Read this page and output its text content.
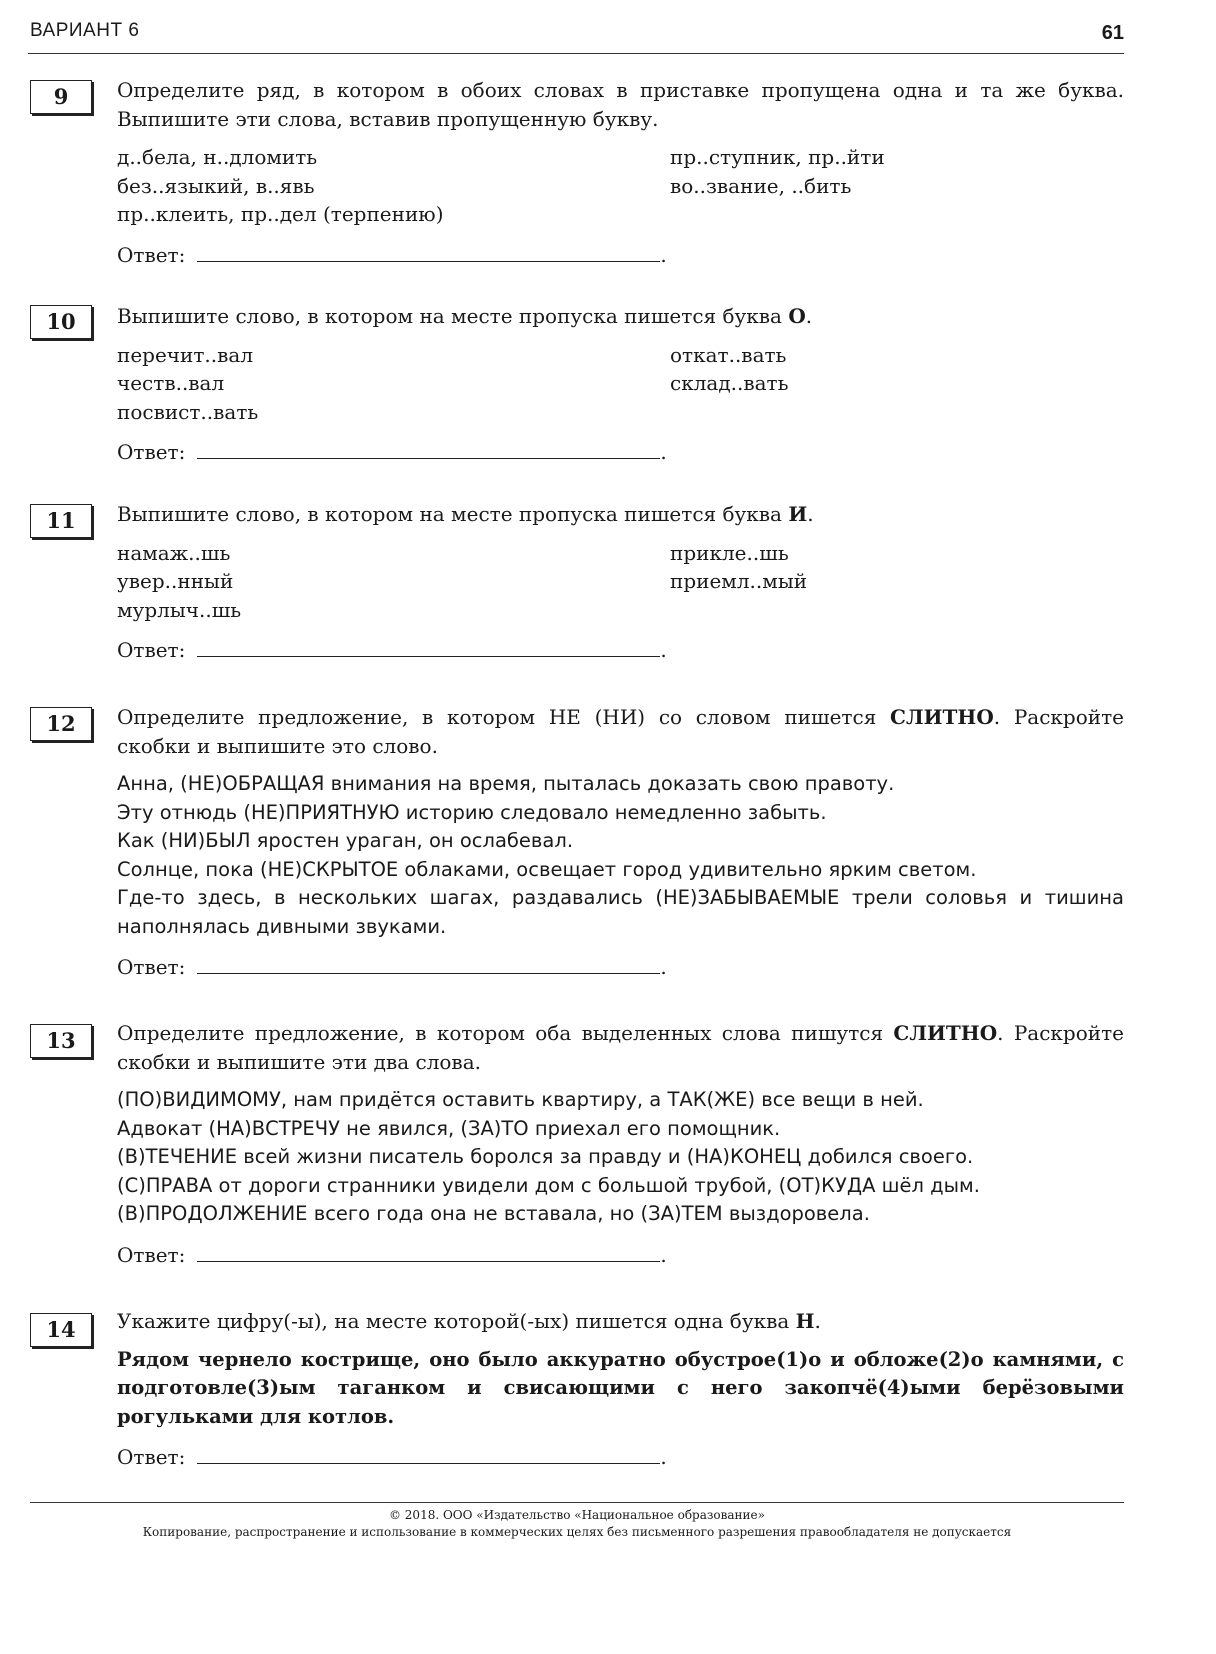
ВАРИАНТ 6	61
9	Определите ряд, в котором в обоих словах в приставке пропущена одна и та же буква. Выпишите эти слова, вставив пропущенную букву.
д..бела, н..дломить	пр..ступник, пр..йти
без..языкий, в..явь	во..звание, ..бить
пр..клеить, пр..дел (терпению)
Ответ:	.
10	Выпишите слово, в котором на месте пропуска пишется буква О.
перечит..вал	откат..вать
честв..вал	склад..вать
посвист..вать
Ответ:	.
11	Выпишите слово, в котором на месте пропуска пишется буква И.
намаж..шь	прикле..шь
увер..нный	приемл..мый
мурлыч..шь
Ответ:	.
12	Определите предложение, в котором НЕ (НИ) со словом пишется СЛИТНО. Раскройте скобки и выпишите это слово.
Анна, (НЕ)ОБРАЩАЯ внимания на время, пыталась доказать свою правоту.
Эту отнюдь (НЕ)ПРИЯТНУЮ историю следовало немедленно забыть.
Как (НИ)БЫЛ яростен ураган, он ослабевал.
Солнце, пока (НЕ)СКРЫТОЕ облаками, освещает город удивительно ярким светом.
Где-то здесь, в нескольких шагах, раздавались (НЕ)ЗАБЫВАЕМЫЕ трели соловья и тишина наполнялась дивными звуками.
Ответ:	.
13	Определите предложение, в котором оба выделенных слова пишутся СЛИТНО. Раскройте скобки и выпишите эти два слова.
(ПО)ВИДИМОМУ, нам придётся оставить квартиру, а ТАК(ЖЕ) все вещи в ней.
Адвокат (НА)ВСТРЕЧУ не явился, (ЗА)ТО приехал его помощник.
(В)ТЕЧЕНИЕ всей жизни писатель боролся за правду и (НА)КОНЕЦ добился своего.
(С)ПРАВА от дороги странники увидели дом с большой трубой, (ОТ)КУДА шёл дым.
(В)ПРОДОЛЖЕНИЕ всего года она не вставала, но (ЗА)ТЕМ выздоровела.
Ответ:	.
14	Укажите цифру(-ы), на месте которой(-ых) пишется одна буква Н.
Рядом чернело кострище, оно было аккуратно обустрое(1)о и обложе(2)о камнями, с подготовле(3)ым таганком и свисающими с него закопчё(4)ыми берёзовыми рогульками для котлов.
Ответ:	.
© 2018. ООО «Издательство «Национальное образование»
Копирование, распространение и использование в коммерческих целях без письменного разрешения правообладателя не допускается
